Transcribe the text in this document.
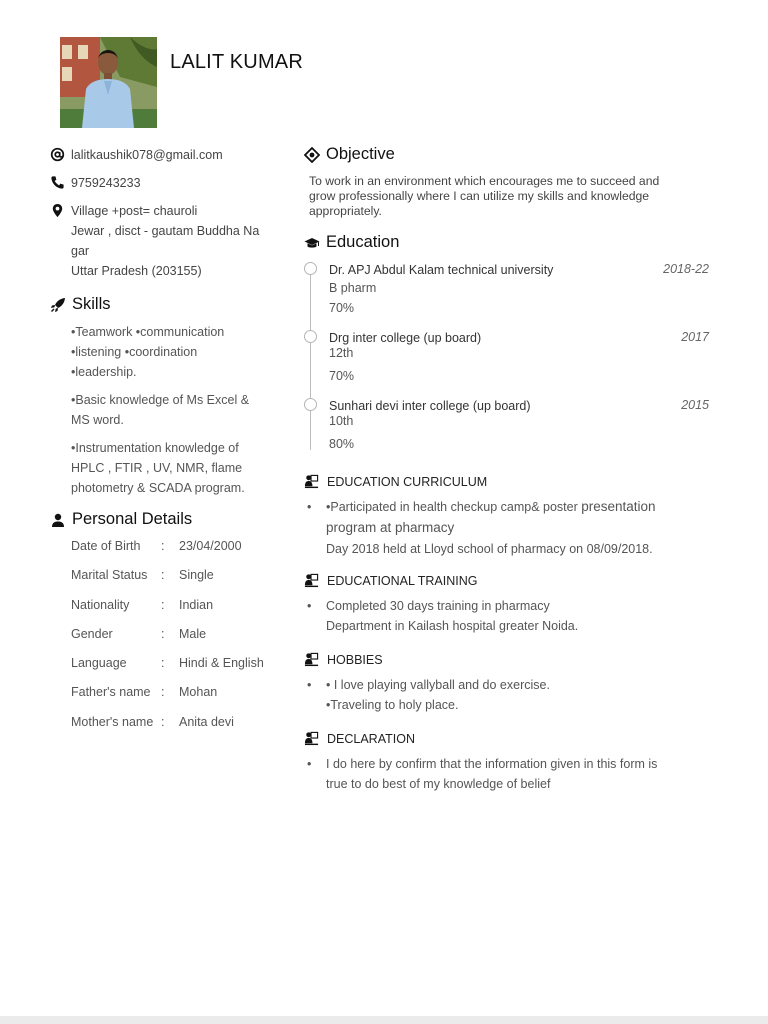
LALIT KUMAR
lalitkaushik078@gmail.com
9759243233
Village +post= chauroli
Jewar , disct - gautam Buddha Na
gar
Uttar Pradesh (203155)
Skills
•Teamwork •communication
•listening •coordination
•leadership.
•Basic knowledge of Ms Excel &
MS word.
•Instrumentation knowledge of
HPLC , FTIR , UV, NMR, flame
photometry & SCADA program.
Personal Details
Date of Birth	:	23/04/2000
Marital Status	:	Single
Nationality	:	Indian
Gender	:	Male
Language	:	Hindi & English
Father's name :	Mohan
Mother's name :	Anita devi
Objective
To work in an environment which encourages me to succeed and
grow professionally where I can utilize my skills and knowledge
appropriately.
Education
Dr. APJ Abdul Kalam technical university	2018-22
B pharm
70%
Drg inter college (up board)	2017
12th
70%
Sunhari devi inter college (up board)	2015
10th
80%
EDUCATION CURRICULUM
• •Participated in health checkup camp& poster presentation
program at pharmacy
Day 2018 held at Lloyd school of pharmacy on 08/09/2018.
EDUCATIONAL TRAINING
• Completed 30 days training in pharmacy
Department in Kailash hospital greater Noida.
HOBBIES
• • I love playing vallyball and do exercise.
•Traveling to holy place.
DECLARATION
• I do here by confirm that the information given in this form is
true to do best of my knowledge of belief
